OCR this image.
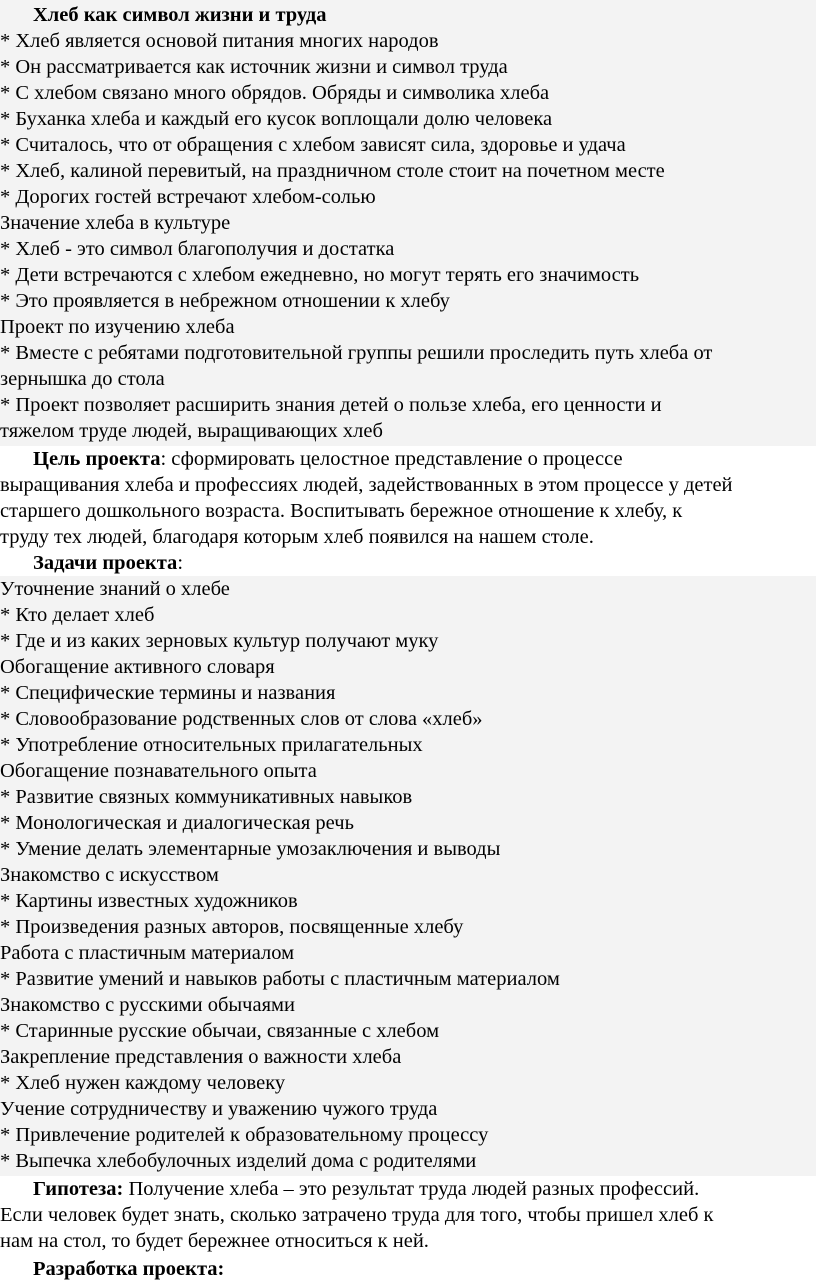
Хлеб как символ жизни и труда
* Хлеб является основой питания многих народов
* Он рассматривается как источник жизни и символ труда
* С хлебом связано много обрядов. Обряды и символика хлеба
* Буханка хлеба и каждый его кусок воплощали долю человека
* Считалось, что от обращения с хлебом зависят сила, здоровье и удача
* Хлеб, калиной перевитый, на праздничном столе стоит на почетном месте
* Дорогих гостей встречают хлебом-солью
Значение хлеба в культуре
* Хлеб - это символ благополучия и достатка
* Дети встречаются с хлебом ежедневно, но могут терять его значимость
* Это проявляется в небрежном отношении к хлебу
Проект по изучению хлеба
* Вместе с ребятами подготовительной группы решили проследить путь хлеба от
зернышка до стола
* Проект позволяет расширить знания детей о пользе хлеба, его ценности и
тяжелом труде людей, выращивающих хлеб
Цель проекта: сформировать целостное представление о процессе
выращивания хлеба и профессиях людей, задействованных в этом процессе у детей
старшего дошкольного возраста. Воспитывать бережное отношение к хлебу, к
труду тех людей, благодаря которым хлеб появился на нашем столе.
Задачи проекта:
Уточнение знаний о хлебе
* Кто делает хлеб
* Где и из каких зерновых культур получают муку
Обогащение активного словаря
* Специфические термины и названия
* Словообразование родственных слов от слова «хлеб»
* Употребление относительных прилагательных
Обогащение познавательного опыта
* Развитие связных коммуникативных навыков
* Монологическая и диалогическая речь
* Умение делать элементарные умозаключения и выводы
Знакомство с искусством
* Картины известных художников
* Произведения разных авторов, посвященные хлебу
Работа с пластичным материалом
* Развитие умений и навыков работы с пластичным материалом
Знакомство с русскими обычаями
* Старинные русские обычаи, связанные с хлебом
Закрепление представления о важности хлеба
* Хлеб нужен каждому человеку
Учение сотрудничеству и уважению чужого труда
* Привлечение родителей к образовательному процессу
* Выпечка хлебобулочных изделий дома с родителями
Гипотеза: Получение хлеба – это результат труда людей разных профессий.
Если человек будет знать, сколько затрачено труда для того, чтобы пришел хлеб к
нам на стол, то будет бережнее относиться к ней.
Разработка проекта:
